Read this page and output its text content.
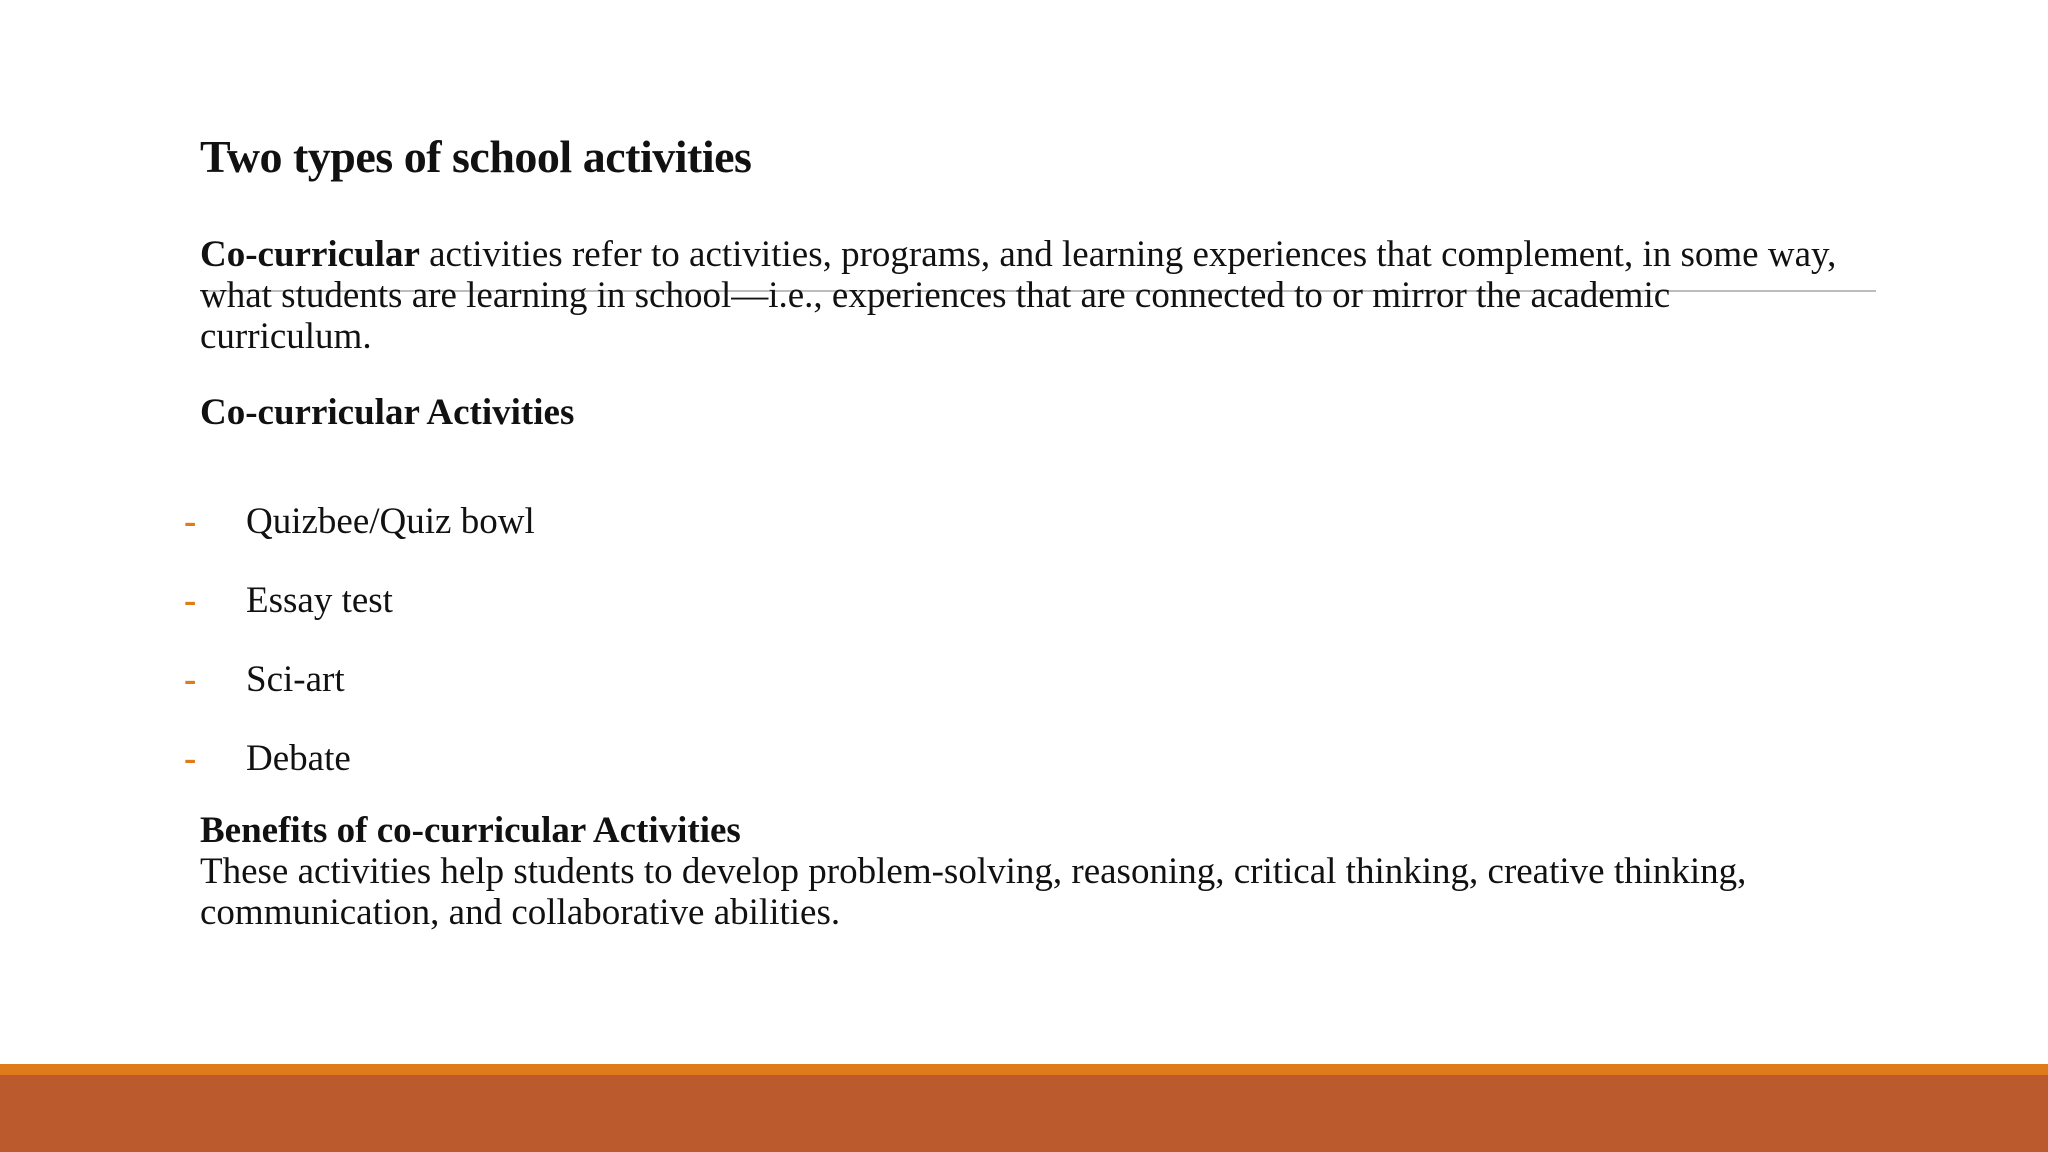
Two types of school activities

Co-curricular activities refer to activities, programs, and learning experiences that complement, in some way, what students are learning in school—i.e., experiences that are connected to or mirror the academic curriculum.

Co-curricular Activities

-	Quizbee/Quiz bowl
-	Essay test
-	Sci-art
-	Debate

Benefits of co-curricular Activities

These activities help students to develop problem-solving, reasoning, critical thinking, creative thinking, communication, and collaborative abilities.
